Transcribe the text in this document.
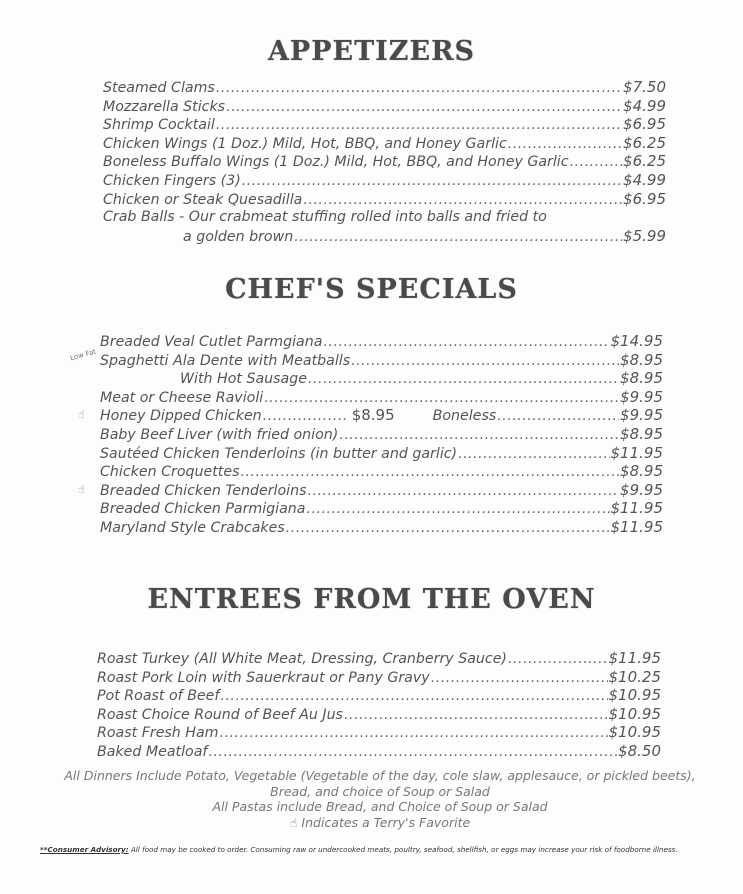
APPETIZERS
Steamed Clams .....	$7.50
Mozzarella Sticks .....	$4.99
Shrimp Cocktail .....	$6.95
Chicken Wings (1 Doz.) Mild, Hot, BBQ, and Honey Garlic .....	$6.25
Boneless Buffalo Wings (1 Doz.) Mild, Hot, BBQ, and Honey Garlic .....	$6.25
Chicken Fingers (3) .....	$4.99
Chicken or Steak Quesadilla .....	$6.95
Crab Balls - Our crabmeat stuffing rolled into balls and fried to
a golden brown .....	$5.99
CHEF'S SPECIALS
Breaded Veal Cutlet Parmgiana .....	$14.95
Low Fat Spaghetti Ala Dente with Meatballs .....	$8.95
With Hot Sausage .....	$8.95
Meat or Cheese Ravioli .....	$9.95
☝ Honey Dipped Chicken .....	$8.95	Boneless .....	$9.95
Baby Beef Liver (with fried onion) .....	$8.95
Sautéed Chicken Tenderloins (in butter and garlic) .....	$11.95
Chicken Croquettes .....	$8.95
☝ Breaded Chicken Tenderloins .....	$9.95
Breaded Chicken Parmigiana .....	$11.95
Maryland Style Crabcakes .....	$11.95
ENTREES FROM THE OVEN
Roast Turkey (All White Meat, Dressing, Cranberry Sauce) .....	$11.95
Roast Pork Loin with Sauerkraut or Pany Gravy .....	$10.25
Pot Roast of Beef .....	$10.95
Roast Choice Round of Beef Au Jus .....	$10.95
Roast Fresh Ham .....	$10.95
Baked Meatloaf .....	$8.50
All Dinners Include Potato, Vegetable (Vegetable of the day, cole slaw, applesauce, or pickled beets), Bread, and choice of Soup or Salad
All Pastas include Bread, and Choice of Soup or Salad
☝ Indicates a Terry's Favorite
**Consumer Advisory: All food may be cooked to order. Consuming raw or undercooked meats, poultry, seafood, shellfish, or eggs may increase your risk of foodborne illness.
